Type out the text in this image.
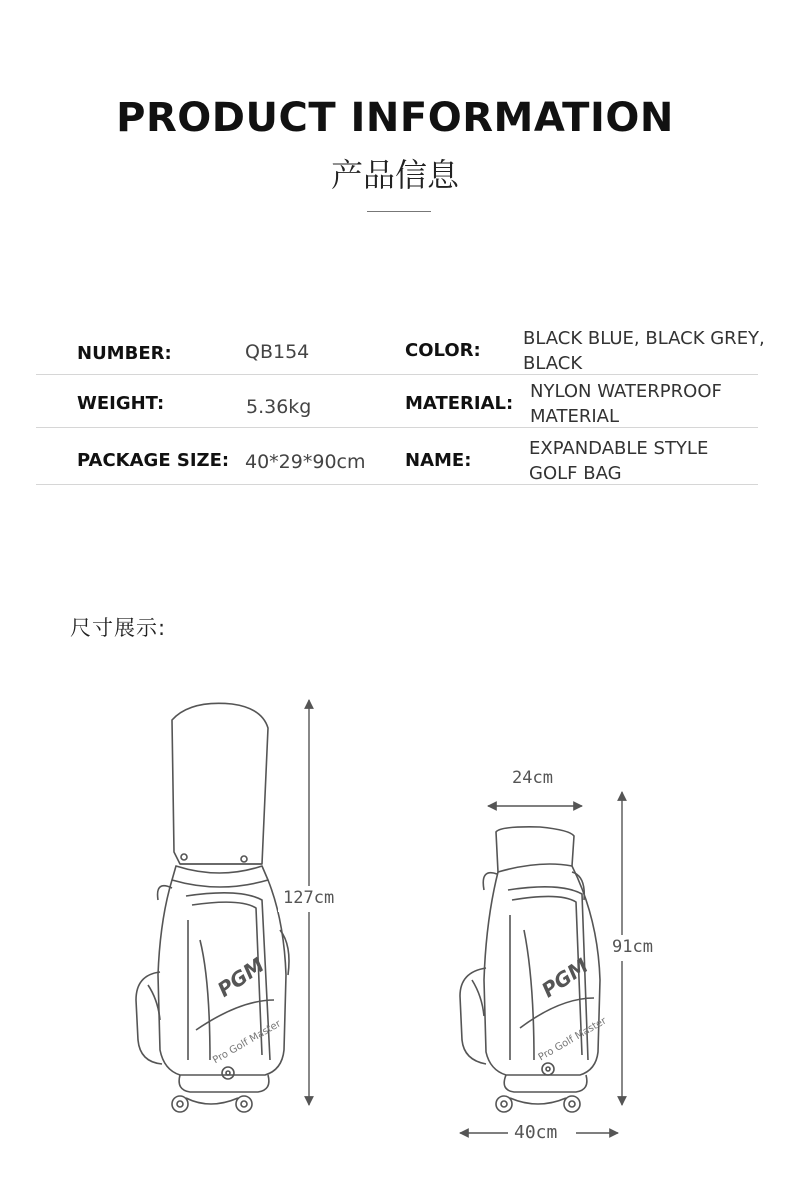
PRODUCT INFORMATION
产品信息
NUMBER:	QB154	COLOR:
BLACK BLUE, BLACK GREY, BLACK
WEIGHT:	5.36kg	MATERIAL:
NYLON WATERPROOF MATERIAL
PACKAGE SIZE: 40*29*90cm NAME:
EXPANDABLE STYLE GOLF BAG
尺寸展示:
PGM
Pro Golf Master
PGM
Pro Golf Master
127cm
24cm
91cm
40cm
